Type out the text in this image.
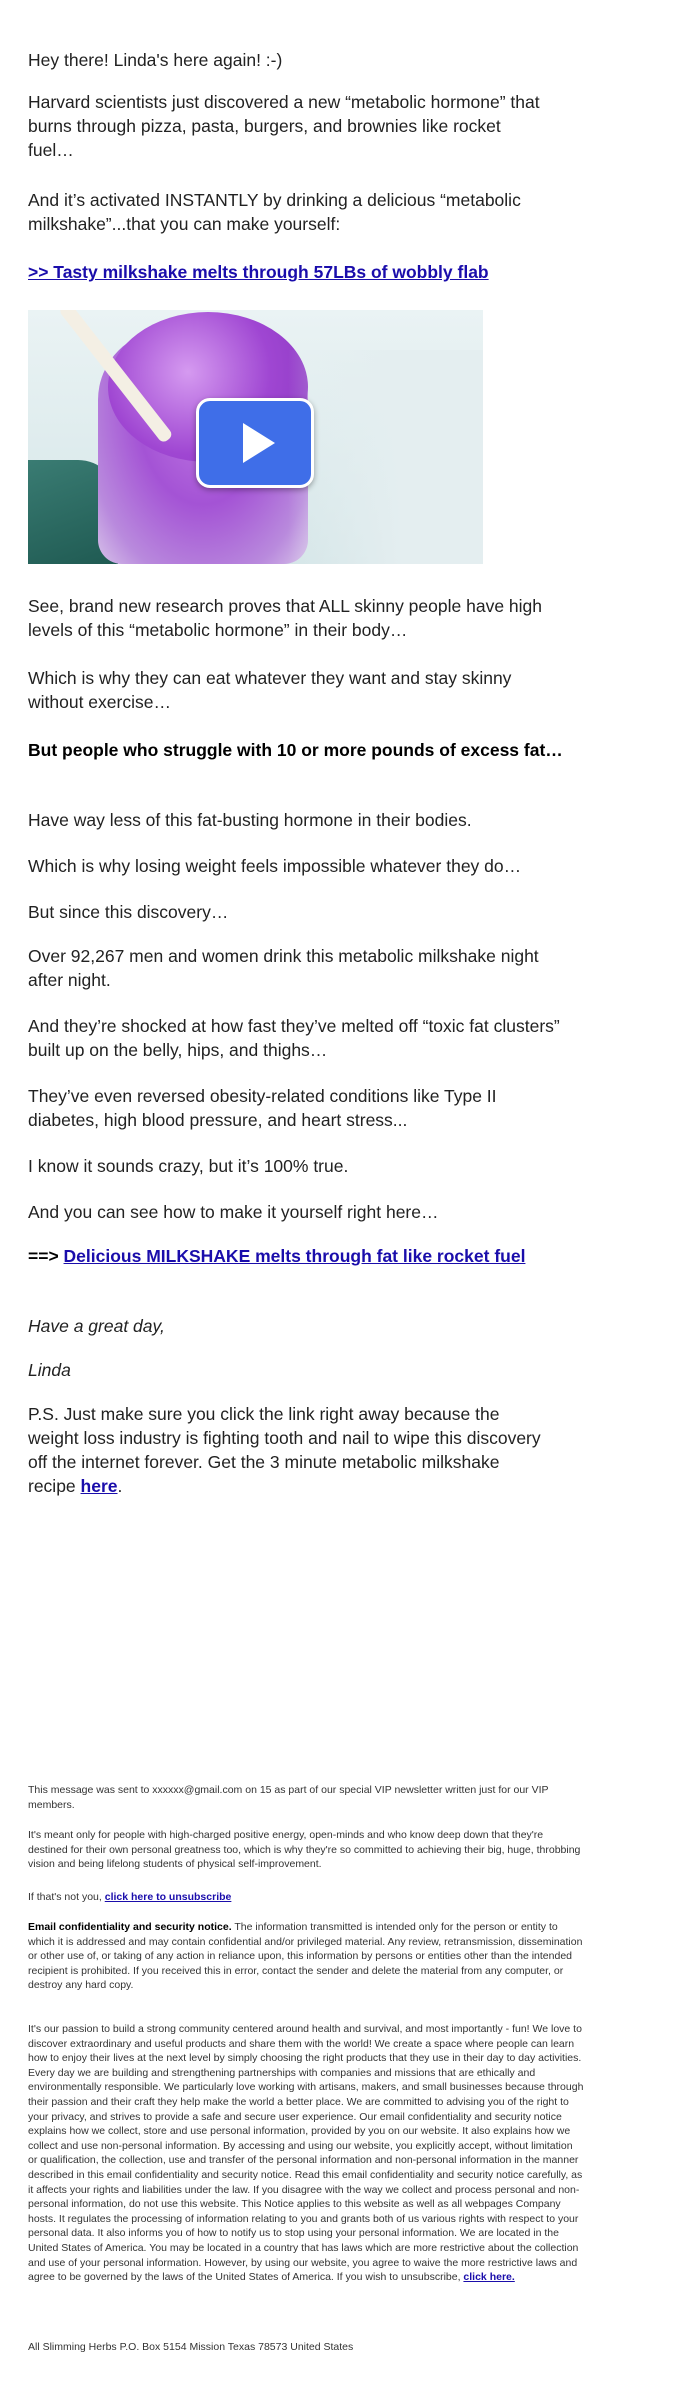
Hey there! Linda's here again! :-)

Harvard scientists just discovered a new “metabolic hormone” that burns through pizza, pasta, burgers, and brownies like rocket fuel…

And it’s activated INSTANTLY by drinking a delicious “metabolic milkshake”...that you can make yourself:

>> Tasty milkshake melts through 57LBs of wobbly flab

See, brand new research proves that ALL skinny people have high levels of this “metabolic hormone” in their body…

Which is why they can eat whatever they want and stay skinny without exercise…

But people who struggle with 10 or more pounds of excess fat…

Have way less of this fat-busting hormone in their bodies.

Which is why losing weight feels impossible whatever they do…

But since this discovery…

Over 92,267 men and women drink this metabolic milkshake night after night.

And they’re shocked at how fast they’ve melted off “toxic fat clusters” built up on the belly, hips, and thighs…

They’ve even reversed obesity-related conditions like Type II diabetes, high blood pressure, and heart stress...

I know it sounds crazy, but it’s 100% true.

And you can see how to make it yourself right here…

==> Delicious MILKSHAKE melts through fat like rocket fuel

Have a great day,

Linda

P.S. Just make sure you click the link right away because the weight loss industry is fighting tooth and nail to wipe this discovery off the internet forever. Get the 3 minute metabolic milkshake recipe here.

This message was sent to xxxxxx@gmail.com on 15 as part of our special VIP newsletter written just for our VIP members.

It's meant only for people with high-charged positive energy, open-minds and who know deep down that they're destined for their own personal greatness too, which is why they're so committed to achieving their big, huge, throbbing vision and being lifelong students of physical self-improvement.

If that's not you, click here to unsubscribe

Email confidentiality and security notice. The information transmitted is intended only for the person or entity to which it is addressed and may contain confidential and/or privileged material. Any review, retransmission, dissemination or other use of, or taking of any action in reliance upon, this information by persons or entities other than the intended recipient is prohibited. If you received this in error, contact the sender and delete the material from any computer, or destroy any hard copy.

It's our passion to build a strong community centered around health and survival, and most importantly - fun! We love to discover extraordinary and useful products and share them with the world! We create a space where people can learn how to enjoy their lives at the next level by simply choosing the right products that they use in their day to day activities. Every day we are building and strengthening partnerships with companies and missions that are ethically and environmentally responsible. We particularly love working with artisans, makers, and small businesses because through their passion and their craft they help make the world a better place. We are committed to advising you of the right to your privacy, and strives to provide a safe and secure user experience. Our email confidentiality and security notice explains how we collect, store and use personal information, provided by you on our website. It also explains how we collect and use non-personal information. By accessing and using our website, you explicitly accept, without limitation or qualification, the collection, use and transfer of the personal information and non-personal information in the manner described in this email confidentiality and security notice. Read this email confidentiality and security notice carefully, as it affects your rights and liabilities under the law. If you disagree with the way we collect and process personal and non-personal information, do not use this website. This Notice applies to this website as well as all webpages Company hosts. It regulates the processing of information relating to you and grants both of us various rights with respect to your personal data. It also informs you of how to notify us to stop using your personal information. We are located in the United States of America. You may be located in a country that has laws which are more restrictive about the collection and use of your personal information. However, by using our website, you agree to waive the more restrictive laws and agree to be governed by the laws of the United States of America. If you wish to unsubscribe, click here.

All Slimming Herbs P.O. Box 5154 Mission Texas 78573 United States
